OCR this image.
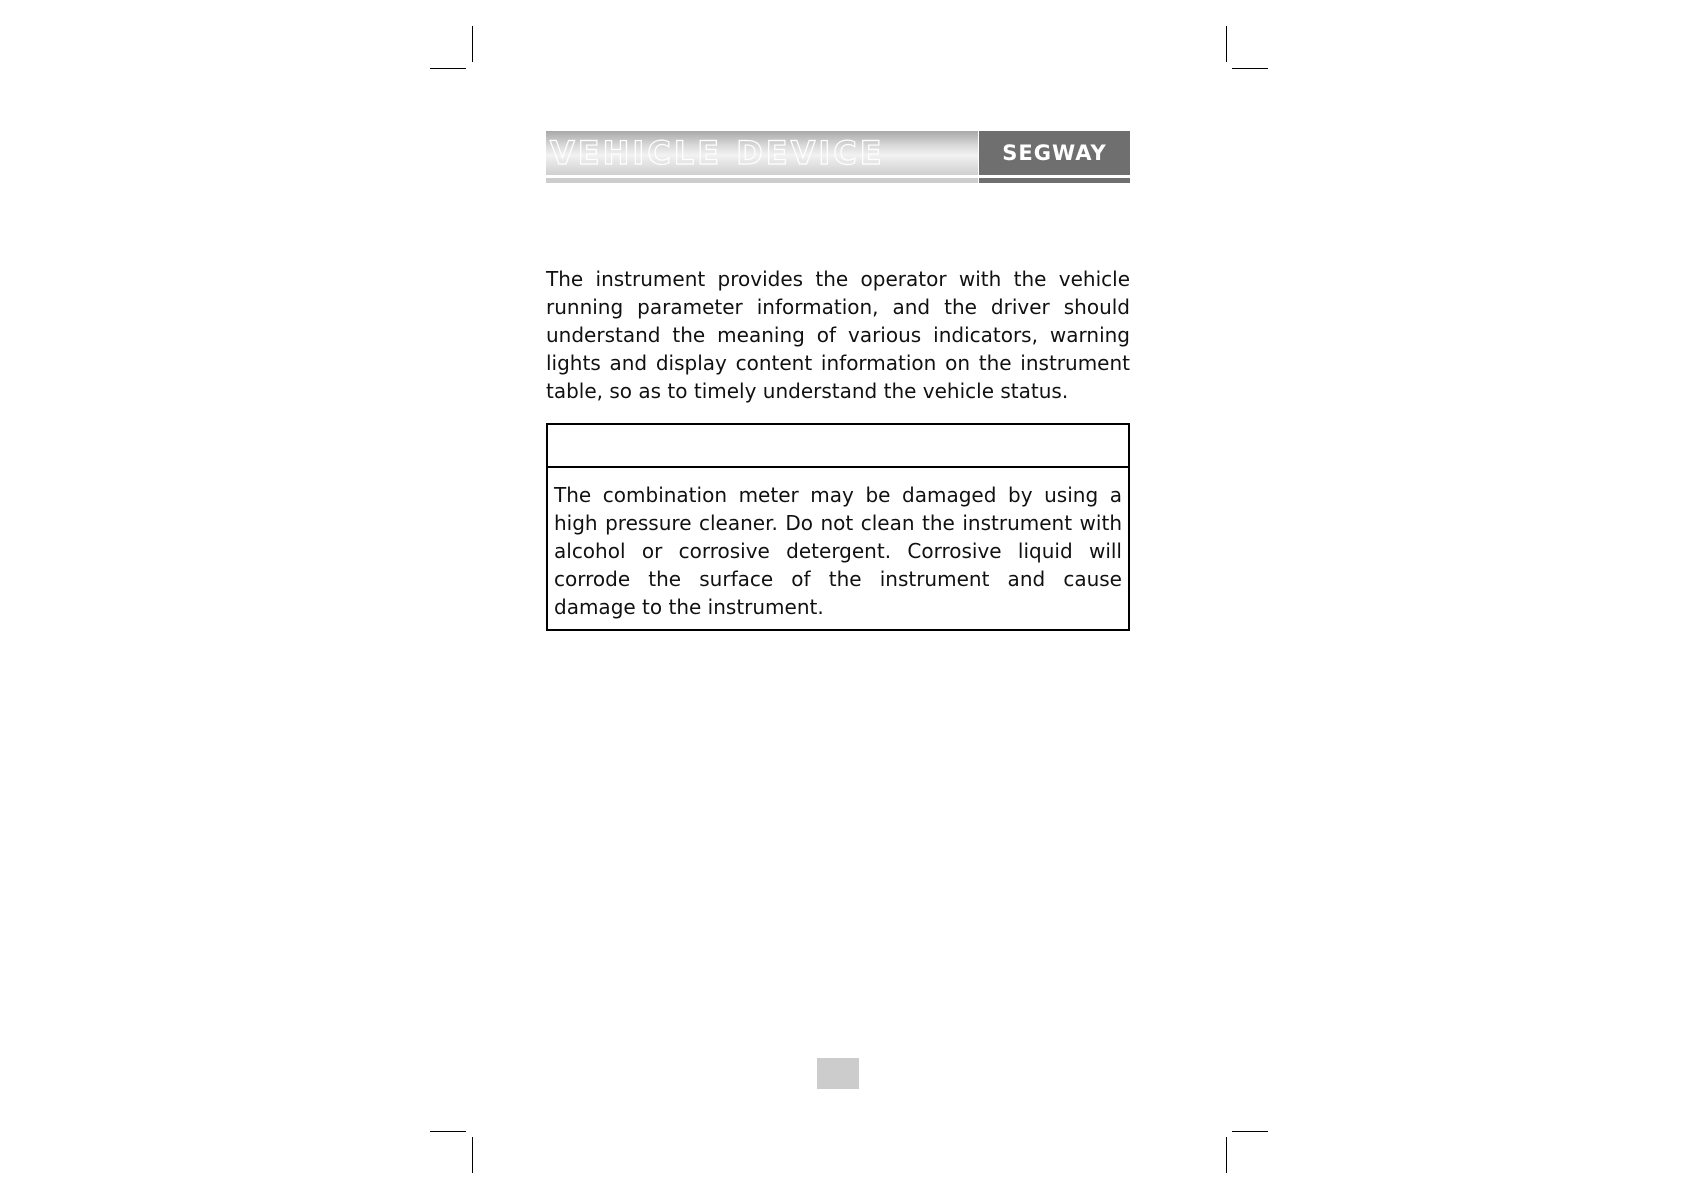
VEHICLE DEVICE	SEGWAY

The instrument provides the operator with the vehicle running parameter information, and the driver should understand the meaning of various indicators, warning lights and display content information on the instrument table, so as to timely understand the vehicle status.

The combination meter may be damaged by using a high pressure cleaner. Do not clean the instrument with alcohol or corrosive detergent. Corrosive liquid will corrode the surface of the instrument and cause damage to the instrument.
